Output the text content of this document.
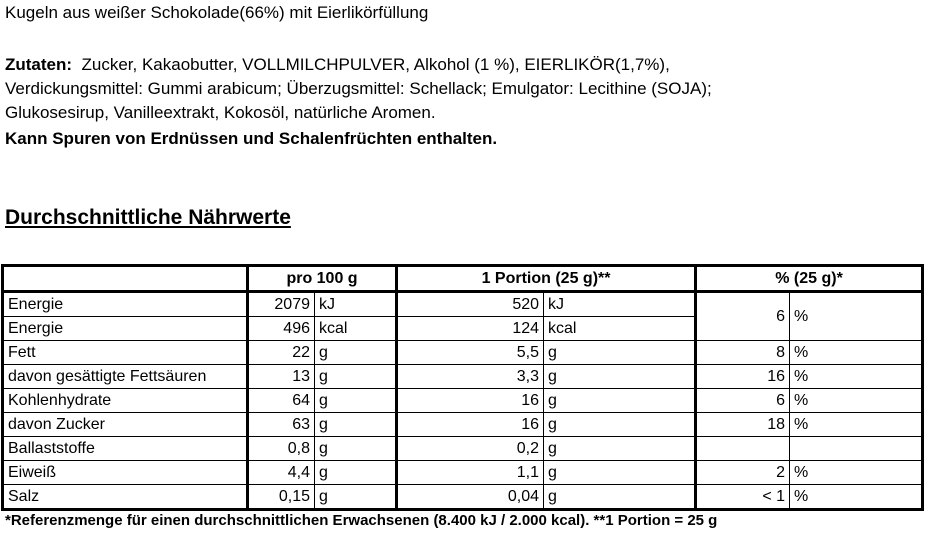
Kugeln aus weißer Schokolade(66%) mit Eierlikörfüllung
Zutaten:  Zucker, Kakaobutter, VOLLMILCHPULVER, Alkohol (1 %), EIERLIKÖR(1,7%),
Verdickungsmittel: Gummi arabicum; Überzugsmittel: Schellack; Emulgator: Lecithine (SOJA);
Glukosesirup, Vanilleextrakt, Kokosöl, natürliche Aromen.
Kann Spuren von Erdnüssen und Schalenfrüchten enthalten.
Durchschnittliche Nährwerte
	pro 100 g		1 Portion (25 g)**		% (25 g)*	
Energie	2079	kJ	520	kJ	6	%
Energie	496	kcal	124	kcal		
Fett	22	g	5,5	g	8	%
davon gesättigte Fettsäuren	13	g	3,3	g	16	%
Kohlenhydrate	64	g	16	g	6	%
davon Zucker	63	g	16	g	18	%
Ballaststoffe	0,8	g	0,2	g		
Eiweiß	4,4	g	1,1	g	2	%
Salz	0,15	g	0,04	g	< 1	%
*Referenzmenge für einen durchschnittlichen Erwachsenen (8.400 kJ / 2.000 kcal). **1 Portion = 25 g
